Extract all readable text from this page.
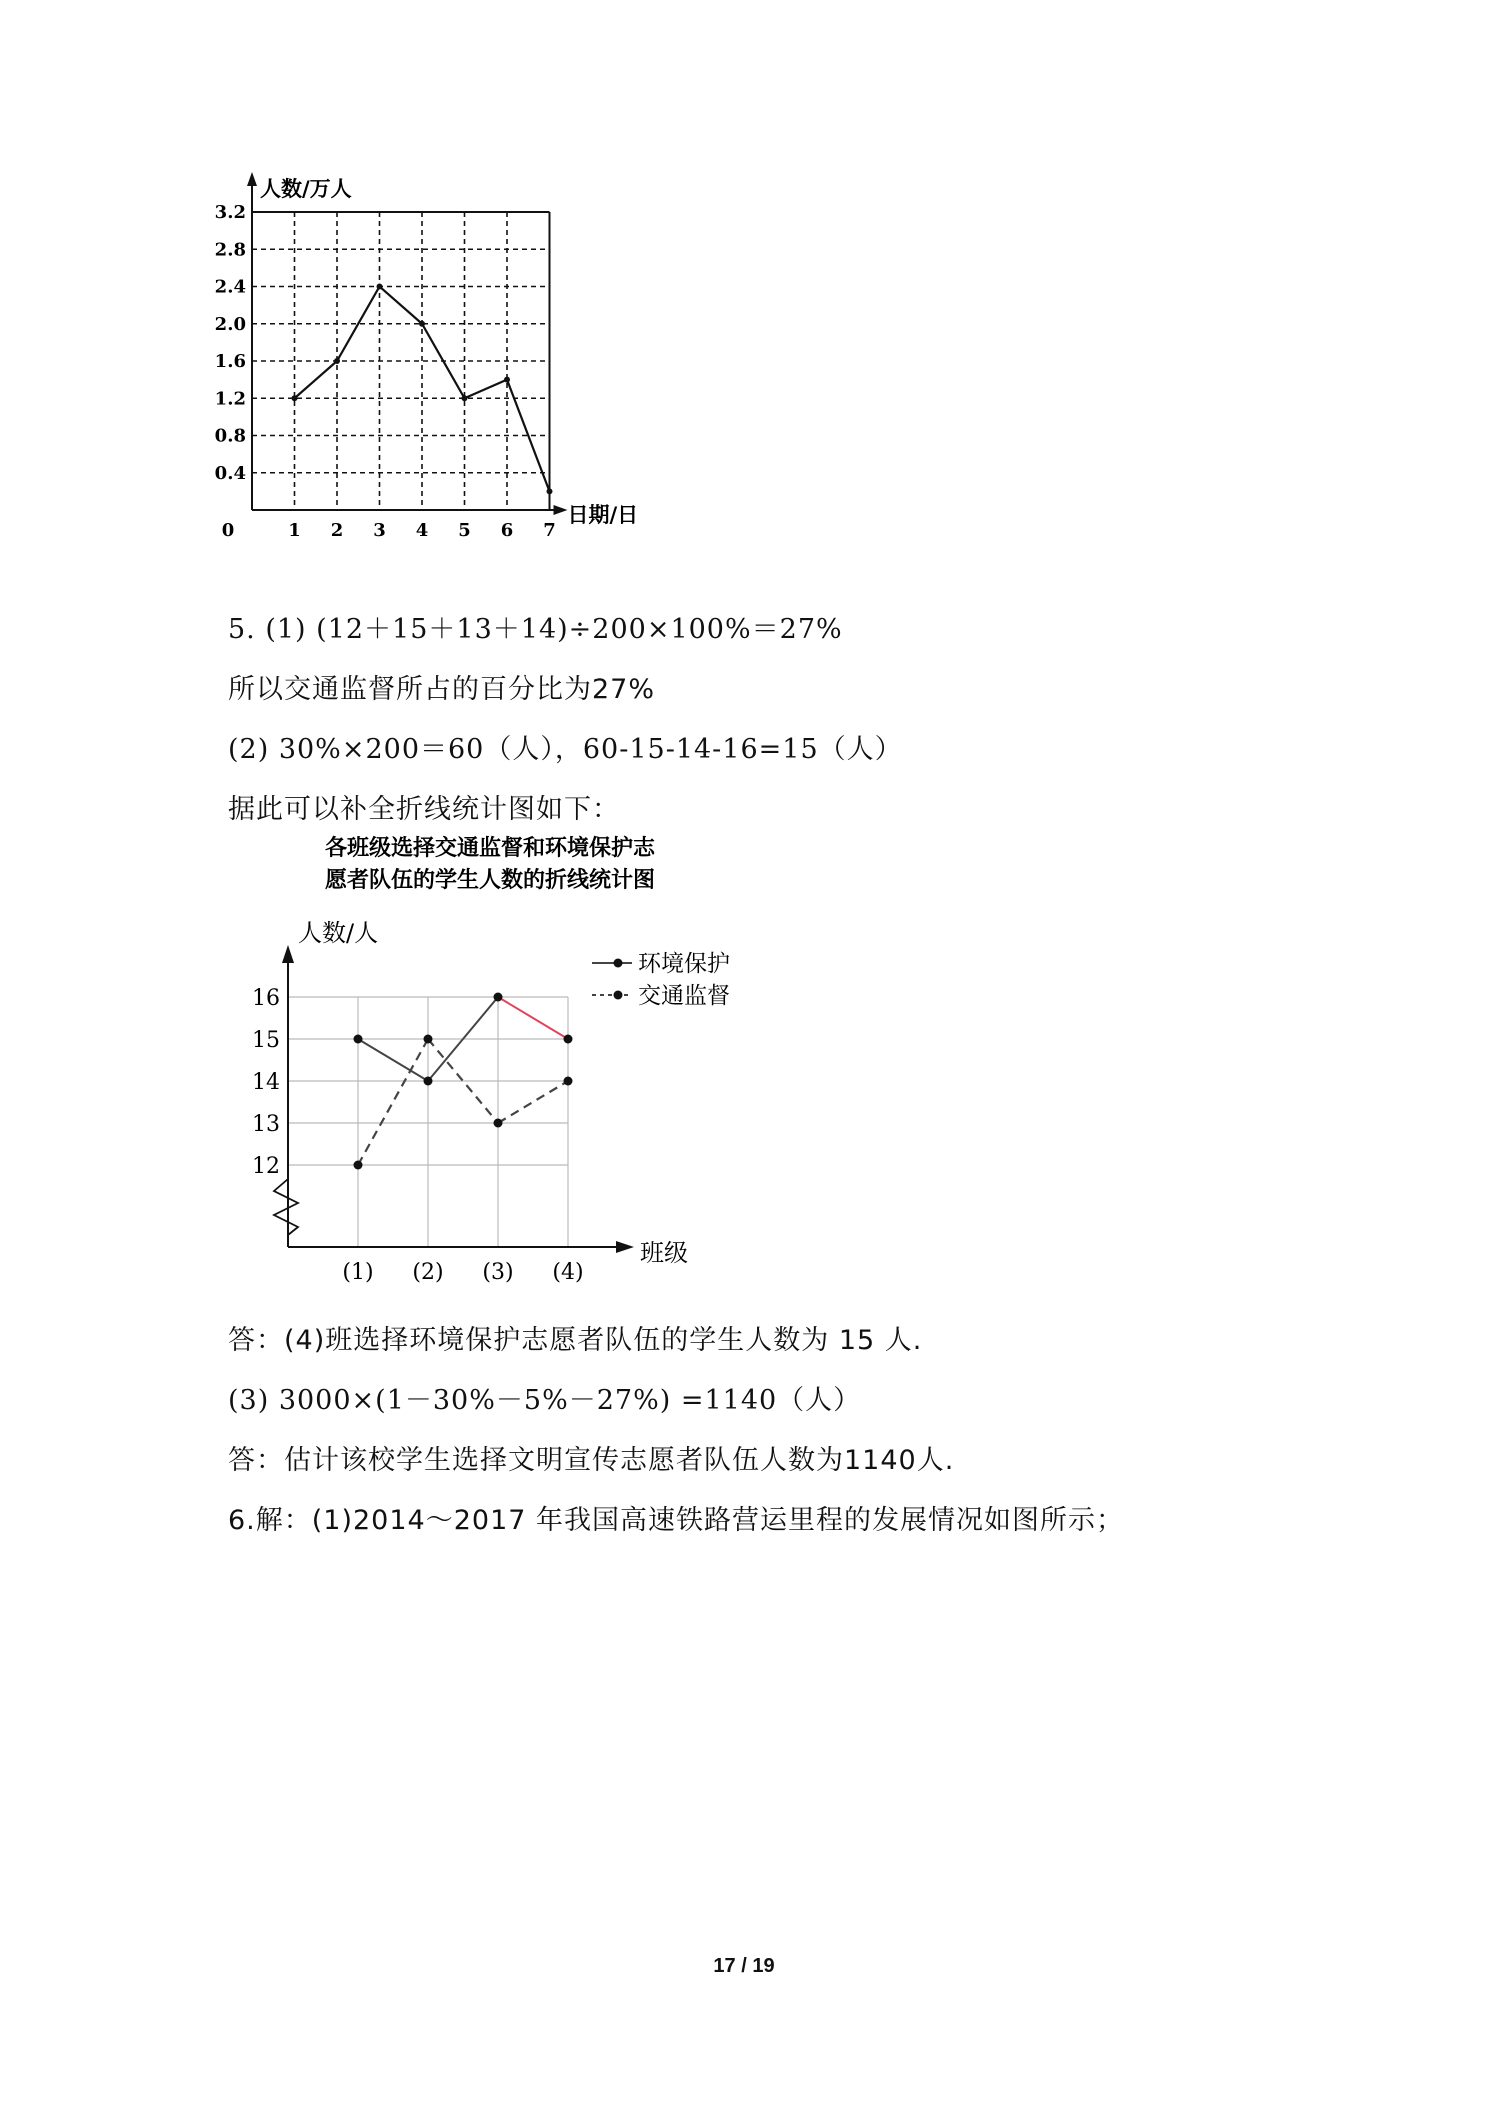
人数/万人
日期/日
3.2
2.8
2.4
2.0
1.6
1.2
0.8
0.4
0	1 2 3 4 5 6 7
5. (1) (12＋15＋13＋14)÷200×100%＝27%
所以交通监督所占的百分比为27%
(2) 30%×200＝60（人），60-15-14-16=15（人）
据此可以补全折线统计图如下：
各班级选择交通监督和环境保护志
愿者队伍的学生人数的折线统计图
人数/人
班级
16
15
14
13
12
(1) (2) (3) (4)
环境保护
交通监督
答：(4)班选择环境保护志愿者队伍的学生人数为 15 人.
(3) 3000×(1－30%－5%－27%) =1140（人）
答：估计该校学生选择文明宣传志愿者队伍人数为1140人.
6.解：(1)2014～2017 年我国高速铁路营运里程的发展情况如图所示；
17 / 19
